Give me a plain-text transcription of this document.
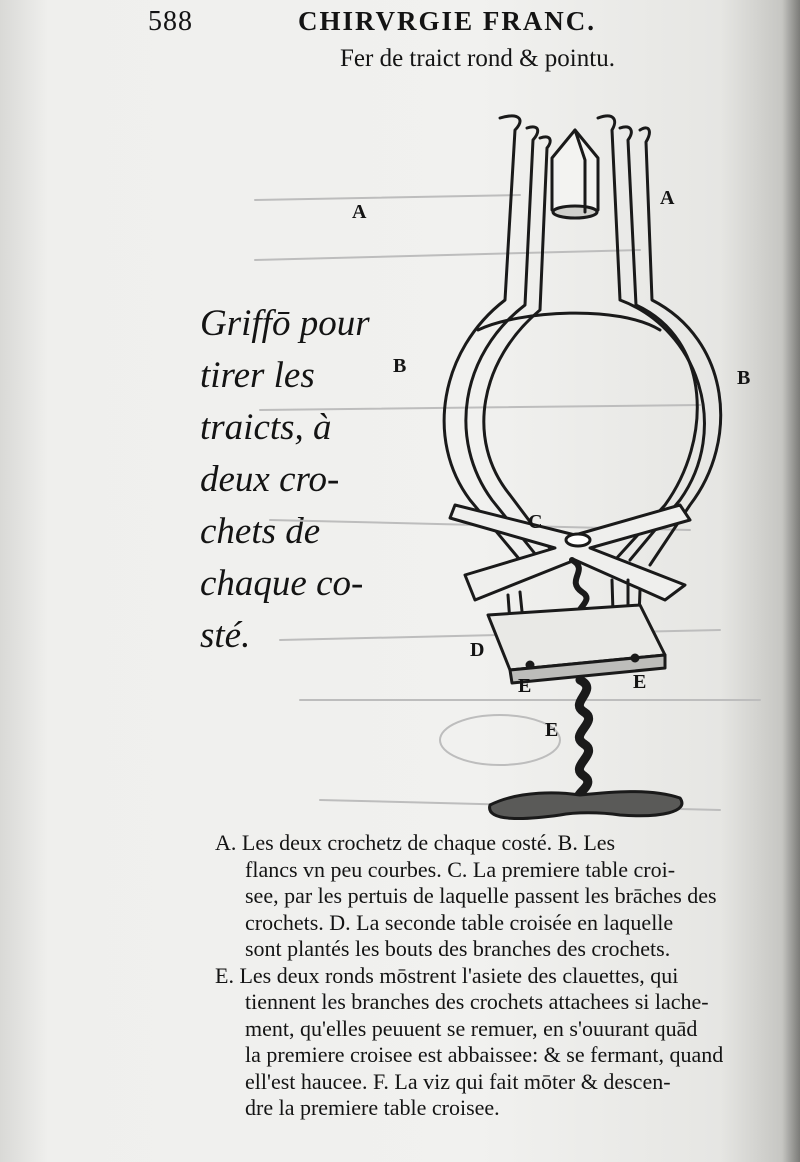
588	CHIRVRGIE FRANC.
Fer de traict rond & pointu.
Griffō pour
tirer les
traicts, à
deux cro-
chets de
chaque co-
sté.
A
A
B
B
C
D
E	E
E
A. Les deux crochetz de chaque costé. B. Les
flancs vn peu courbes. C. La premiere table croi-
see, par les pertuis de laquelle passent les brāches des
crochets. D. La seconde table croisée en laquelle
sont plantés les bouts des branches des crochets.
E. Les deux ronds mōstrent l'asiete des clauettes, qui
tiennent les branches des crochets attachees si lache-
ment, qu'elles peuuent se remuer, en s'ouurant quād
la premiere croisee est abbaissee: & se fermant, quand
ell'est haucee. F. La viz qui fait mōter & descen-
dre la premiere table croisee.
